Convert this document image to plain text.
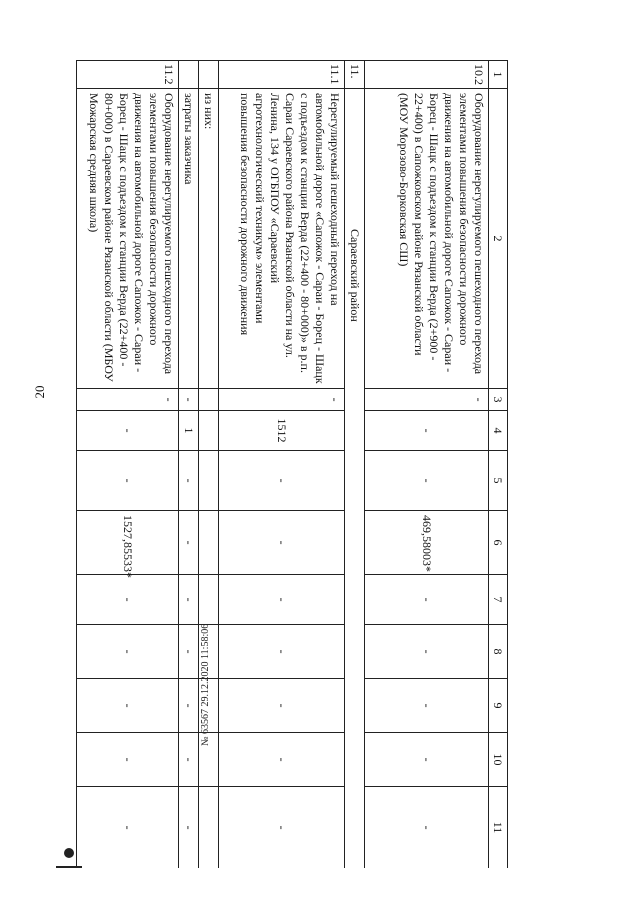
20
1	2	3	4	5	6	7	8	9	10	11
10.2	Оборудование нерегулируемого пешеходного перехода элементами повышения безопасности дорожного движения на автомобильной дороге Сапожок - Сараи - Борец - Шацк с подъездом к станции Верда (2+900 - 22+400) в Сапожковском районе Рязанской области (МОУ Морозово-Борковская СШ)	-	-	-	469,58003*	-	-	-	-	-
11.	Сараевский район									
11.1	Нерегулируемый пешеходный переход на автомобильной дороге «Сапожок - Сараи - Борец - Шацк с подъездом к станции Верда (22+400 - 80+000)» в р.п. Сараи Сараевского района Рязанской области на ул. Ленина, 134 у ОГБПОУ «Сараевский агротехнологический техникум» элементами повышения безопасности дорожного движения	-	1512	-	-	-	-	-	-	-
	из них:									
	затраты заказчика	-	1	-	-	-	-	-	-	-
11.2	Оборудование нерегулируемого пешеходного перехода элементами повышения безопасности дорожного движения на автомобильной дороге Сапожок - Сараи - Борец - Шацк с подъездом к станции Верда (22+400 - 80+000) в Сараевском районе Рязанской области (МБОУ Можарская средняя школа)	-	-	-	1527,85533*	-	-	-	-	-
№ 63567 29.12.2020 11:58:06
